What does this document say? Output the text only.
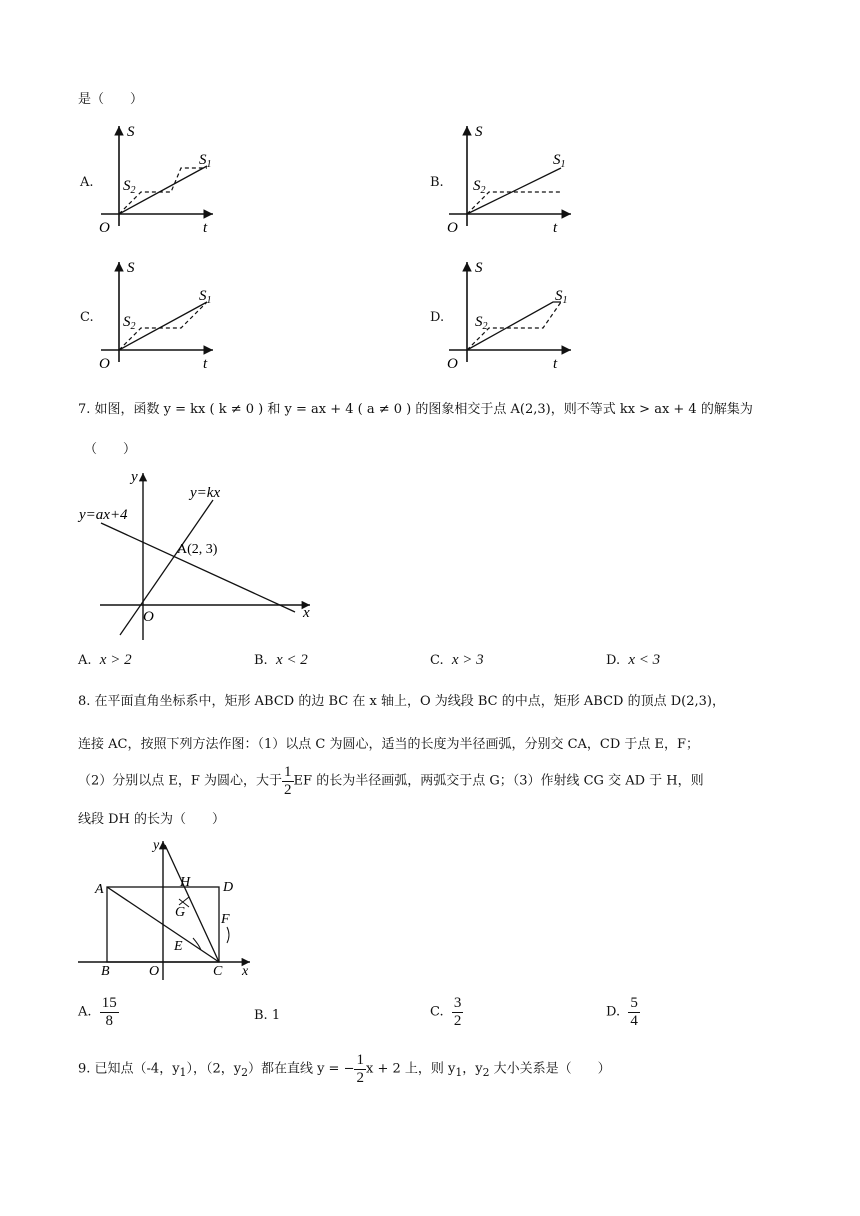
是（　　）
A.
S
t
O
$S_1$
$S_2$
B.
S
t
O
$S_1$
$S_2$
C.
S
t
O
$S_1$
$S_2$
D.
S
t
O
$S_1$
$S_2$
7. 如图，函数 y = kx ( k ≠ 0 ) 和 y = ax + 4 ( a ≠ 0 ) 的图象相交于点 A(2,3)，则不等式 kx > ax + 4 的解集为
（　　）
y
x
O
y=kx
y=ax+4
A(2, 3)
A. x > 2	B. x < 2	C. x > 3	D. x < 3
8. 在平面直角坐标系中，矩形 ABCD 的边 BC 在 x 轴上，O 为线段 BC 的中点，矩形 ABCD 的顶点 D(2,3)，
连接 AC，按照下列方法作图：（1）以点 C 为圆心，适当的长度为半径画弧，分别交 CA，CD 于点 E，F；
（2）分别以点 E，F 为圆心，大于 $\frac{1}{2}$ EF 的长为半径画弧，两弧交于点 G；（3）作射线 CG 交 AD 于 H，则
线段 DH 的长为（　　）
y
x
A
B	C
D
O
H
G	F
E
A. $\frac{15}{8}$	B. 1	C. $\frac{3}{2}$	D. $\frac{5}{4}$
9. 已知点（-4，$y_1$），（2，$y_2$）都在直线 y = − $\frac{1}{2}$ x + 2 上，则 $y_1$，$y_2$ 大小关系是（　　）
